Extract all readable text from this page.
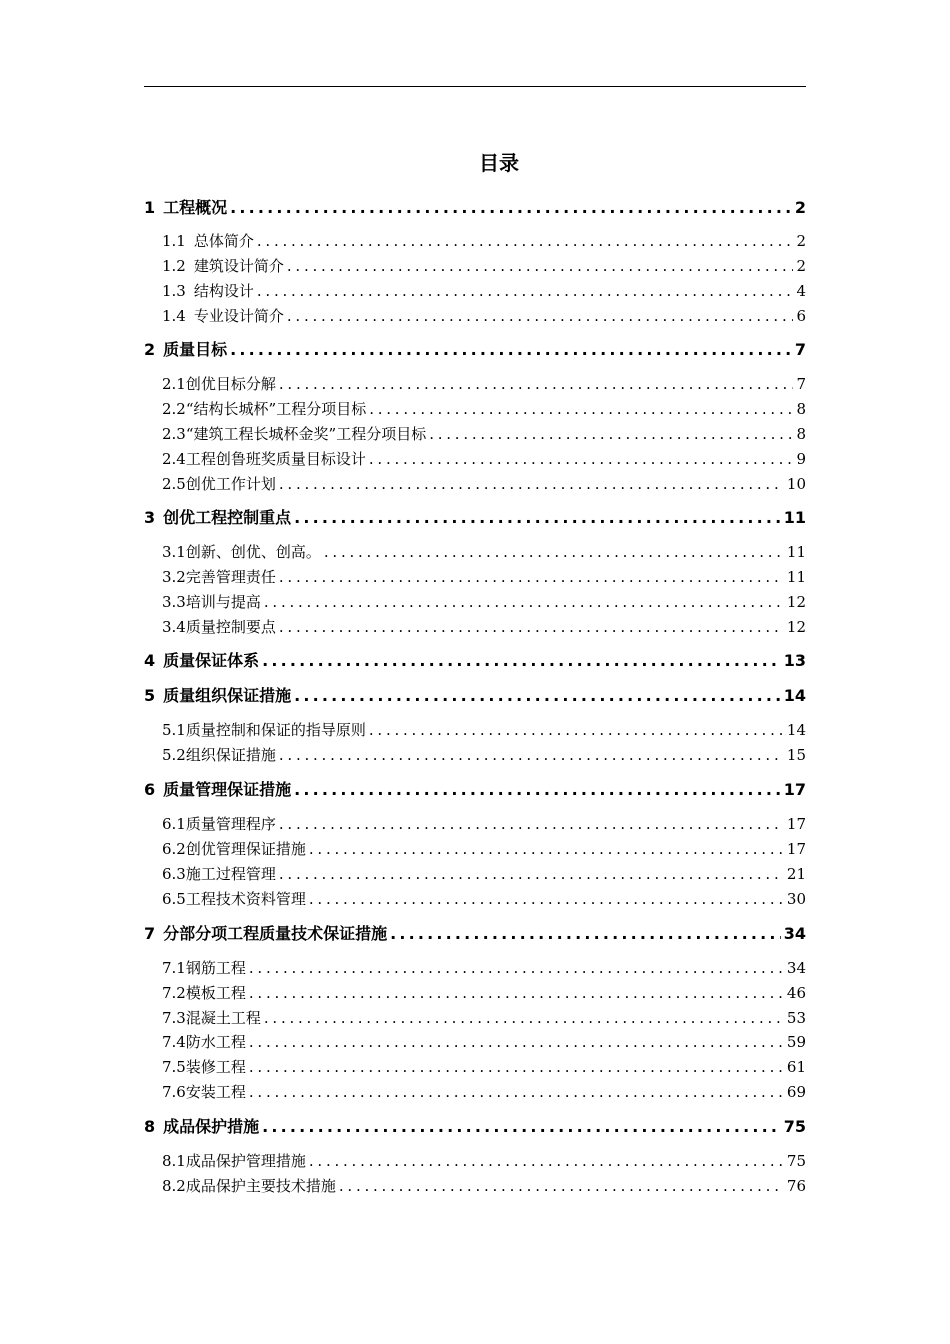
目录
1 工程概况 . . .	2
1.1 总体简介 . . .	2
1.2 建筑设计简介 . . .	2
1.3 结构设计 . . .	4
1.4 专业设计简介 . . .	6
2 质量目标 . . .	7
2.1创优目标分解 . . .	7
2.2“结构长城杯”工程分项目标 . . .	8
2.3“建筑工程长城杯金奖”工程分项目标 . . .	8
2.4工程创鲁班奖质量目标设计 . . .	9
2.5创优工作计划 . . .	10
3 创优工程控制重点 . . .	11
3.1创新、创优、创高。 . . .	11
3.2完善管理责任 . . .	11
3.3培训与提高 . . .	12
3.4质量控制要点 . . .	12
4 质量保证体系 . . .	13
5 质量组织保证措施 . . .	14
5.1质量控制和保证的指导原则 . . .	14
5.2组织保证措施 . . .	15
6 质量管理保证措施 . . .	17
6.1质量管理程序 . . .	17
6.2创优管理保证措施 . . .	17
6.3施工过程管理 . . .	21
6.5工程技术资料管理 . . .	30
7 分部分项工程质量技术保证措施 . . .	34
7.1钢筋工程 . . .	34
7.2模板工程 . . .	46
7.3混凝土工程 . . .	53
7.4防水工程 . . .	59
7.5装修工程 . . .	61
7.6安装工程 . . .	69
8 成品保护措施 . . .	75
8.1成品保护管理措施 . . .	75
8.2成品保护主要技术措施 . . .	76
